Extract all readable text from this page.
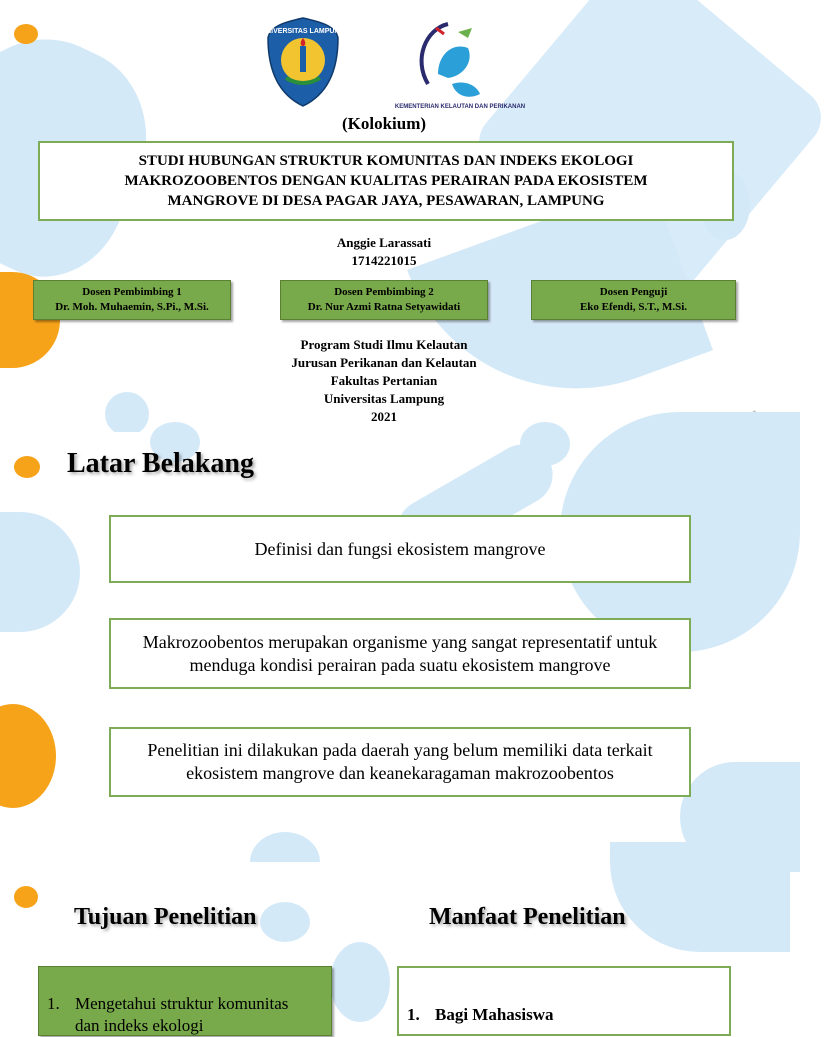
UNIVERSITAS LAMPUNG
KEMENTERIAN KELAUTAN DAN PERIKANAN
(Kolokium)
STUDI HUBUNGAN STRUKTUR KOMUNITAS DAN INDEKS EKOLOGI
MAKROZOOBENTOS DENGAN KUALITAS PERAIRAN PADA EKOSISTEM
MANGROVE DI DESA PAGAR JAYA, PESAWARAN, LAMPUNG
Anggie Larassati
1714221015
Dosen Pembimbing 1
Dr. Moh. Muhaemin, S.Pi., M.Si.
Dosen Pembimbing 2
Dr. Nur Azmi Ratna Setyawidati
Dosen Penguji
Eko Efendi, S.T., M.Si.
Program Studi Ilmu Kelautan
Jurusan Perikanan dan Kelautan
Fakultas Pertanian
Universitas Lampung
2021
Latar Belakang
Definisi dan fungsi ekosistem mangrove
Makrozoobentos merupakan organisme yang sangat representatif untuk menduga kondisi perairan pada suatu ekosistem mangrove
Penelitian ini dilakukan pada daerah yang belum memiliki data terkait ekosistem mangrove dan keanekaragaman makrozoobentos
Tujuan Penelitian	Manfaat Penelitian
1. Mengetahui struktur komunitas dan indeks ekologi
1. Bagi Mahasiswa
